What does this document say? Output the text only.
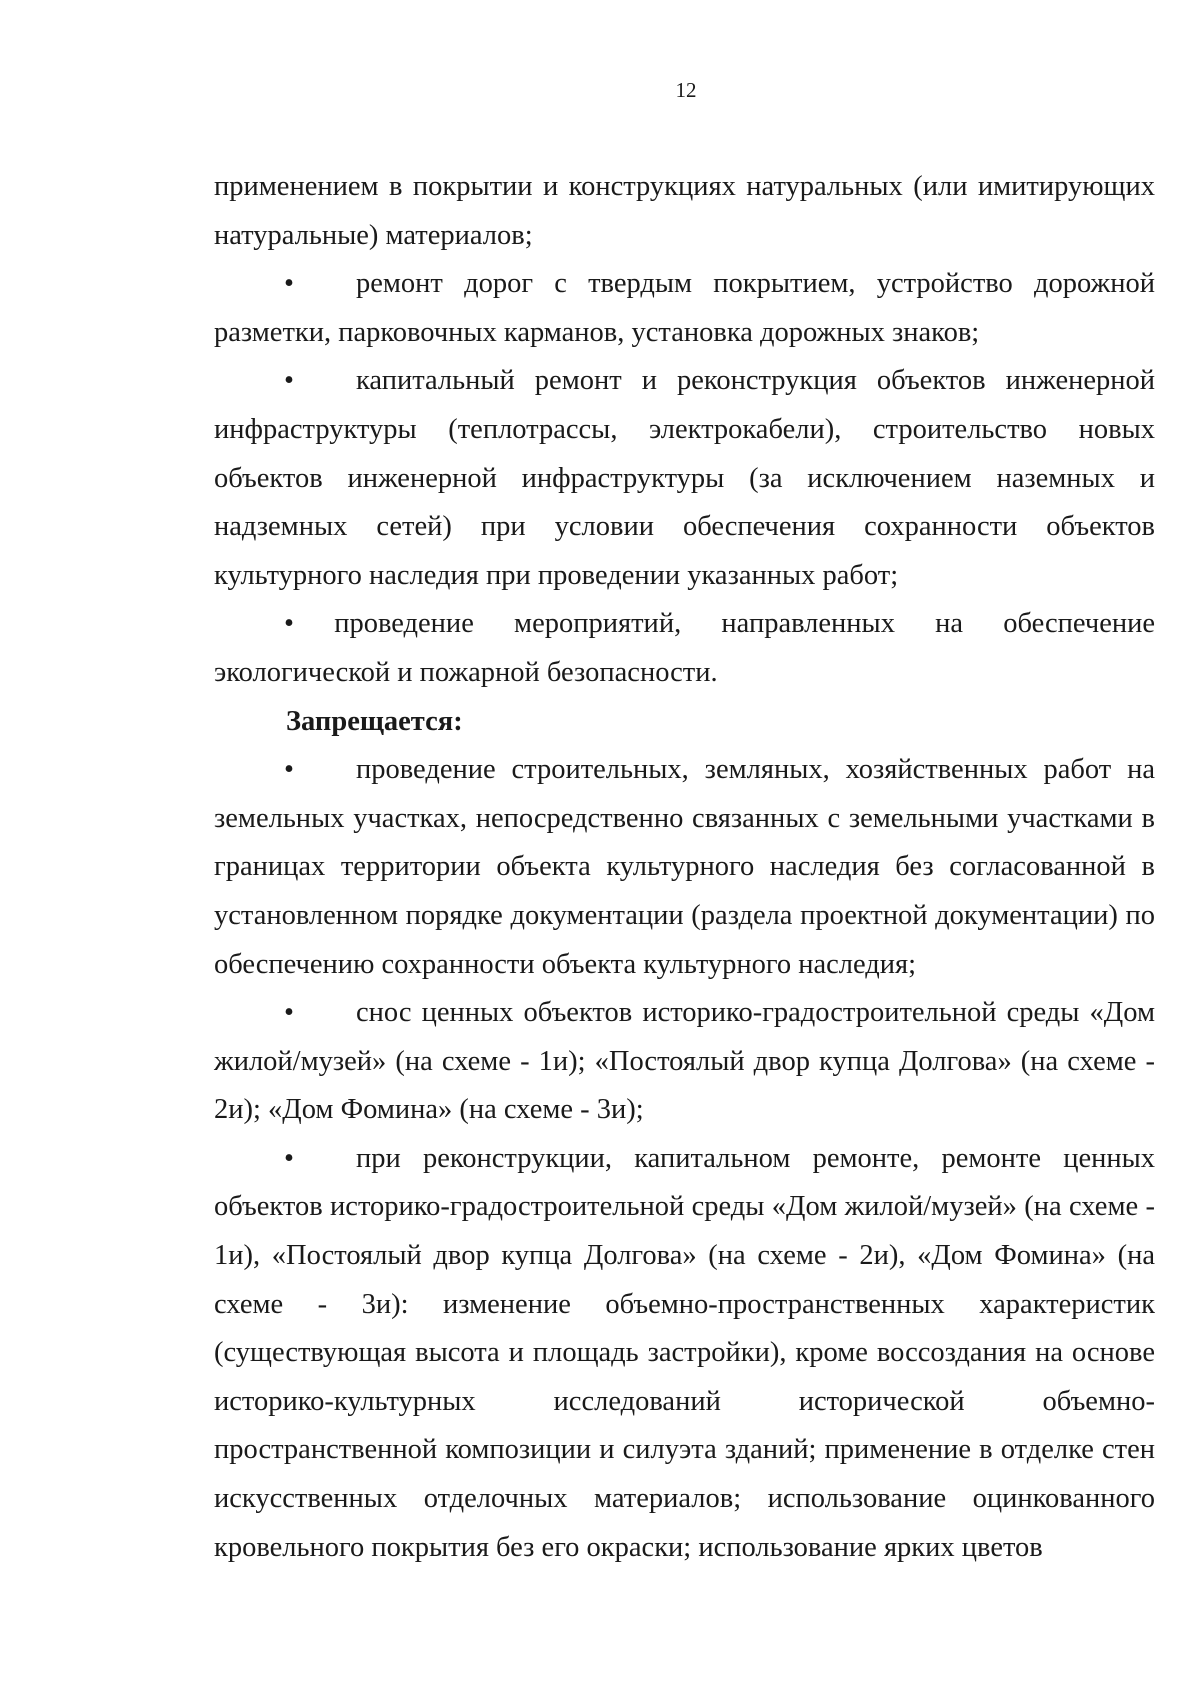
12

применением в покрытии и конструкциях натуральных (или имитирующих натуральные) материалов;

• ремонт дорог с твердым покрытием, устройство дорожной разметки, парковочных карманов, установка дорожных знаков;

• капитальный ремонт и реконструкция объектов инженерной инфраструктуры (теплотрассы, электрокабели), строительство новых объектов инженерной инфраструктуры (за исключением наземных и надземных сетей) при условии обеспечения сохранности объектов культурного наследия при проведении указанных работ;

• проведение мероприятий, направленных на обеспечение экологической и пожарной безопасности.

Запрещается:

• проведение строительных, земляных, хозяйственных работ на земельных участках, непосредственно связанных с земельными участками в границах территории объекта культурного наследия без согласованной в установленном порядке документации (раздела проектной документации) по обеспечению сохранности объекта культурного наследия;

• снос ценных объектов историко-градостроительной среды «Дом жилой/музей» (на схеме - 1и); «Постоялый двор купца Долгова» (на схеме - 2и); «Дом Фомина» (на схеме - 3и);

• при реконструкции, капитальном ремонте, ремонте ценных объектов историко-градостроительной среды «Дом жилой/музей» (на схеме - 1и), «Постоялый двор купца Долгова» (на схеме - 2и), «Дом Фомина» (на схеме - 3и): изменение объемно-пространственных характеристик (существующая высота и площадь застройки), кроме воссоздания на основе историко-культурных исследований исторической объемно-пространственной композиции и силуэта зданий; применение в отделке стен искусственных отделочных материалов; использование оцинкованного кровельного покрытия без его окраски; использование ярких цветов
